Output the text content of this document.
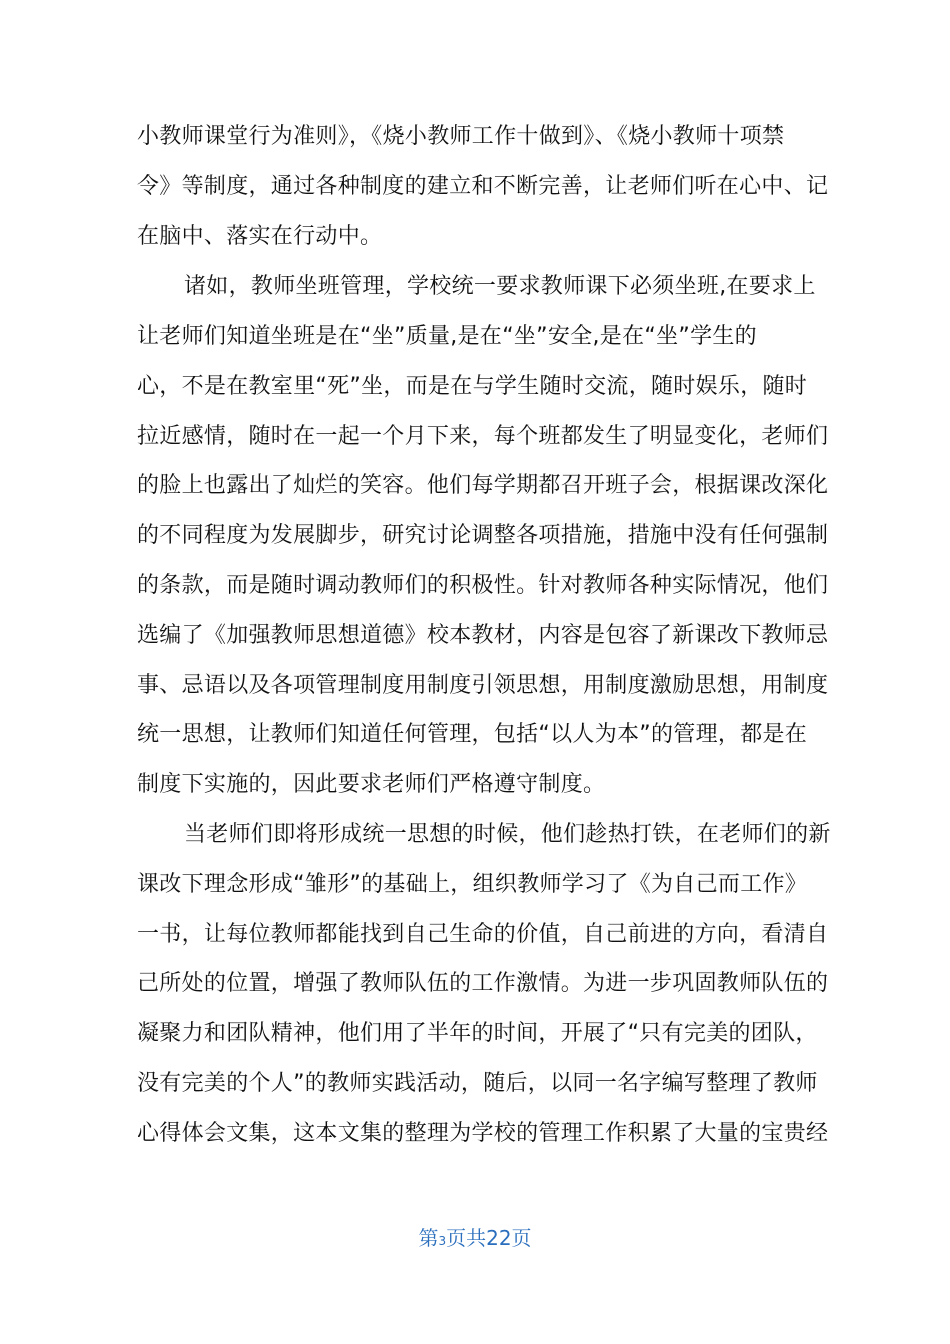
小教师课堂行为准则》，《烧小教师工作十做到》、《烧小教师十项禁
令》等制度，通过各种制度的建立和不断完善，让老师们听在心中、记
在脑中、落实在行动中。
诸如，教师坐班管理，学校统一要求教师课下必须坐班,在要求上
让老师们知道坐班是在“坐”质量,是在“坐”安全,是在“坐”学生的
心，不是在教室里“死”坐，而是在与学生随时交流，随时娱乐，随时
拉近感情，随时在一起一个月下来，每个班都发生了明显变化，老师们
的脸上也露出了灿烂的笑容。他们每学期都召开班子会，根据课改深化
的不同程度为发展脚步，研究讨论调整各项措施，措施中没有任何强制
的条款，而是随时调动教师们的积极性。针对教师各种实际情况，他们
选编了《加强教师思想道德》校本教材，内容是包容了新课改下教师忌
事、忌语以及各项管理制度用制度引领思想，用制度激励思想，用制度
统一思想，让教师们知道任何管理，包括“以人为本”的管理，都是在
制度下实施的，因此要求老师们严格遵守制度。
当老师们即将形成统一思想的时候，他们趁热打铁，在老师们的新
课改下理念形成“雏形”的基础上，组织教师学习了《为自己而工作》
一书，让每位教师都能找到自己生命的价值，自己前进的方向，看清自
己所处的位置，增强了教师队伍的工作激情。为进一步巩固教师队伍的
凝聚力和团队精神，他们用了半年的时间，开展了“只有完美的团队，
没有完美的个人”的教师实践活动，随后，以同一名字编写整理了教师
心得体会文集，这本文集的整理为学校的管理工作积累了大量的宝贵经
第3页共22页
